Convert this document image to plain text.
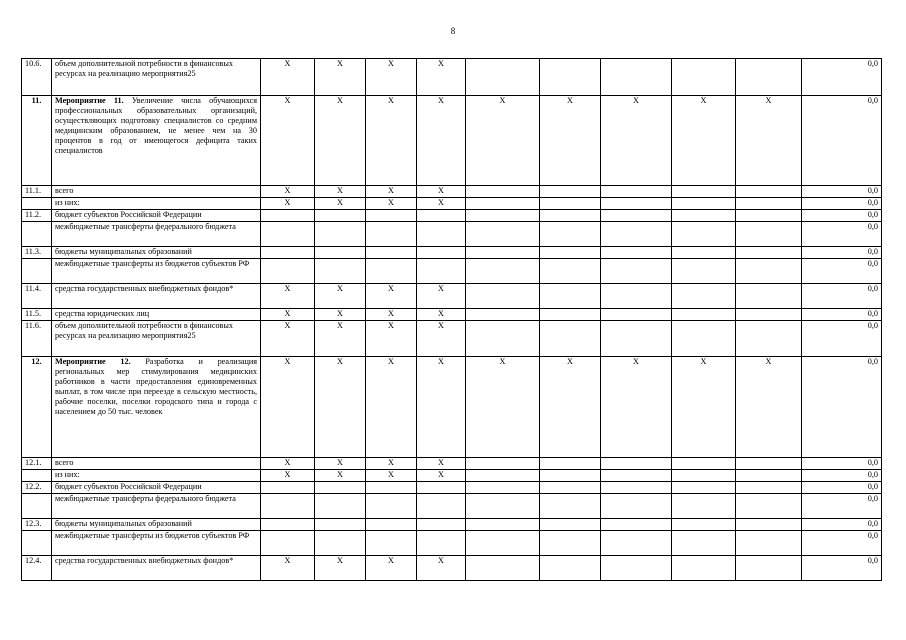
8
10.6.	объем дополнительной потребности в финансовых ресурсах на реализацию мероприятия25	Х	Х	Х	Х						0,0
11.	Мероприятие 11. Увеличение числа обучающихся профессиональных образовательных организаций, осуществляющих подготовку специалистов со средним медицинским образованием, не менее чем на 30 процентов в год от имеющегося дефицита таких специалистов	Х	Х	Х	Х	Х	Х	Х	Х	Х	0,0
11.1.	всего	Х	Х	Х	Х						0,0
	из них:	Х	Х	Х	Х						0,0
11.2.	бюджет субъектов Российской Федерации										0,0
	межбюджетные трансферты федерального бюджета										0,0
11.3.	бюджеты муниципальных образований										0,0
	межбюджетные трансферты из бюджетов субъектов РФ										0,0
11.4.	средства государственных внебюджетных фондов*	Х	Х	Х	Х						0,0
11.5.	средства юридических лиц	Х	Х	Х	Х						0,0
11.6.	объем дополнительной потребности в финансовых ресурсах на реализацию мероприятия25	Х	Х	Х	Х						0,0
12.	Мероприятие 12. Разработка и реализация региональных мер стимулирования медицинских работников в части предоставления единовременных выплат, в том числе при переезде в сельскую местность, рабочие поселки, поселки городского типа и города с населением до 50 тыс. человек	Х	Х	Х	Х	Х	Х	Х	Х	Х	0,0
12.1.	всего	Х	Х	Х	Х						0,0
	из них:	Х	Х	Х	Х						0,0
12.2.	бюджет субъектов Российской Федерации										0,0
	межбюджетные трансферты федерального бюджета										0,0
12.3.	бюджеты муниципальных образований										0,0
	межбюджетные трансферты из бюджетов субъектов РФ										0,0
12.4.	средства государственных внебюджетных фондов*	Х	Х	Х	Х						0,0
